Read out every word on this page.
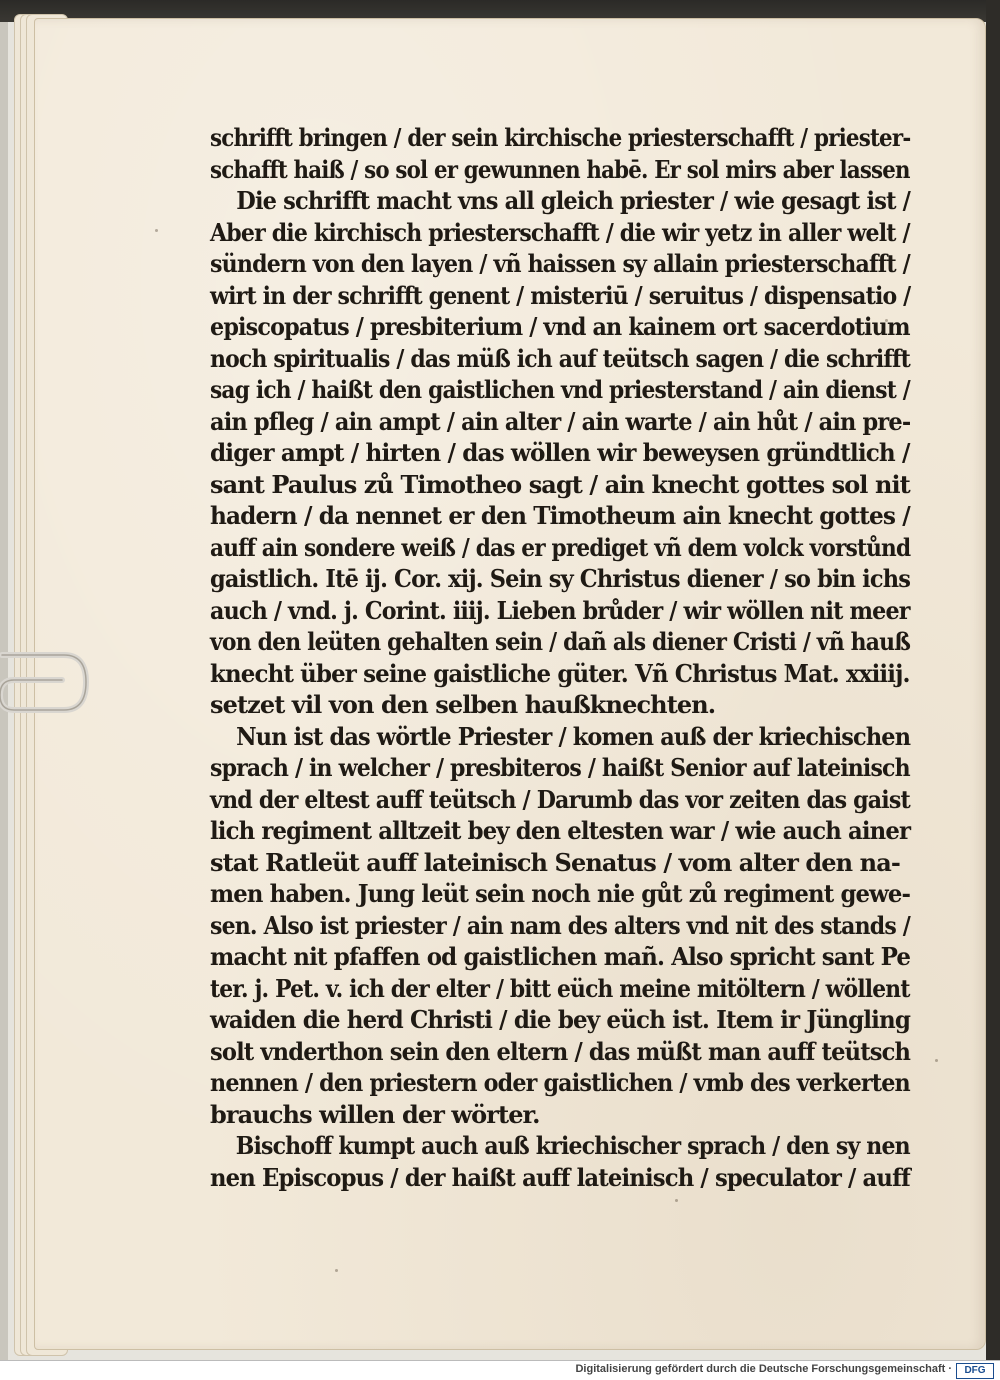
schrifft bringen / der sein kirchische priesterschafft / priester-
schafft haiß / so sol er gewunnen habē. Er sol mirs aber lassen
Die schrifft macht vns all gleich priester / wie gesagt ist /
Aber die kirchisch priesterschafft / die wir yetz in aller welt /
sündern von den layen / vñ haissen sy allain priesterschafft /
wirt in der schrifft genent / misteriū / seruitus / dispensatio /
episcopatus / presbiterium / vnd an kainem ort sacerdotium
noch spiritualis / das müß ich auf teütsch sagen / die schrifft
sag ich / haißt den gaistlichen vnd priesterstand / ain dienst /
ain pfleg / ain ampt / ain alter / ain warte / ain hůt / ain pre-
diger ampt / hirten / das wöllen wir beweysen gründtlich /
sant Paulus zů Timotheo sagt / ain knecht gottes sol nit
hadern / da nennet er den Timotheum ain knecht gottes /
auff ain sondere weiß / das er prediget vñ dem volck vorstůnd
gaistlich. Itē ij. Cor. xij. Sein sy Christus diener / so bin ichs
auch / vnd. j. Corint. iiij. Lieben brůder / wir wöllen nit meer
von den leüten gehalten sein / dañ als diener Cristi / vñ hauß
knecht über seine gaistliche güter. Vñ Christus Mat. xxiiij.
setzet vil von den selben haußknechten.
Nun ist das wörtle Priester / komen auß der kriechischen
sprach / in welcher / presbiteros / haißt Senior auf lateinisch
vnd der eltest auff teütsch / Darumb das vor zeiten das gaist
lich regiment alltzeit bey den eltesten war / wie auch ainer
stat Ratleüt auff lateinisch Senatus / vom alter den na-
men haben. Jung leüt sein noch nie gůt zů regiment gewe-
sen. Also ist priester / ain nam des alters vnd nit des stands /
macht nit pfaffen od gaistlichen mañ. Also spricht sant Pe
ter. j. Pet. v. ich der elter / bitt eüch meine mitöltern / wöllent
waiden die herd Christi / die bey eüch ist. Item ir Jüngling
solt vnderthon sein den eltern / das müßt man auff teütsch
nennen / den priestern oder gaistlichen / vmb des verkerten
brauchs willen der wörter.
Bischoff kumpt auch auß kriechischer sprach / den sy nen
nen Episcopus / der haißt auff lateinisch / speculator / auff
Digitalisierung gefördert durch die Deutsche Forschungsgemeinschaft ·	DFG
